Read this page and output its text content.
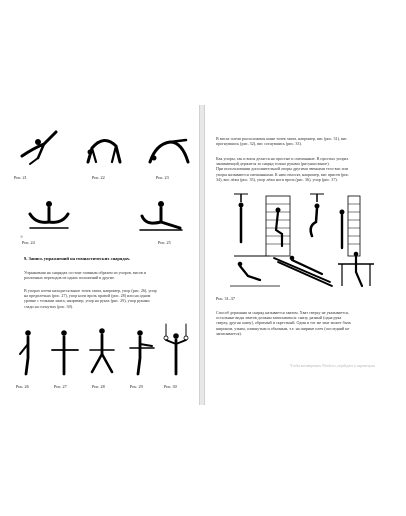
Рис. 21	Рис. 22	Рис. 23
⊕
Рис. 24	Рис. 25
9. Запись упражнений на гимнастических снарядах.
Упражнения на снарядах состоят главным образом из упоров, висов и
различных переходов из одних положений в другие.
В упорах плечи находятся выше точек хвата, например, упор (рис. 26), упор
на предплечьях (рис. 27), упор ноги врозь правой (рис. 28) или на одном
уровне с точками хвата, например, упор на руках (рис. 29), упор руками
сзади на согнутых (рис. 30).
Рис. 26	Рис. 27	Рис. 28	Рис. 29	Рис. 30
В висах плечи расположены ниже точек хвата, например, вис (рис. 31), вис
прогнувшись (рис. 32), вис согнувшись (рис. 33).
Как упоры, так и висы делятся на простые и смешанные. В простых упорах
занимающий держится за снаряд только руками (рисунки выше).
При использовании дополнительной опоры другими звеньями тело вис или
упоры называются смешанными. К ним относят, например, вис присев (рис.
34), вис лёжа (рис. 35), упор лёжа ноги врозь (рис. 36), упор (рис. 37).
Рис. 31–37
Способ держания за снаряд называется хватом. Хват сверху не указывается,
остальные виды хватов должны записываться: снизу, разный (одна рука
сверху, другая снизу), обратный и скрестный. Один и тот же хват может быть
широким, узким, сомкнутым и обычным, т.е. на ширине плеч (последний не
записывается).
Чтобы активировать Windows, перейдите к параметрам
